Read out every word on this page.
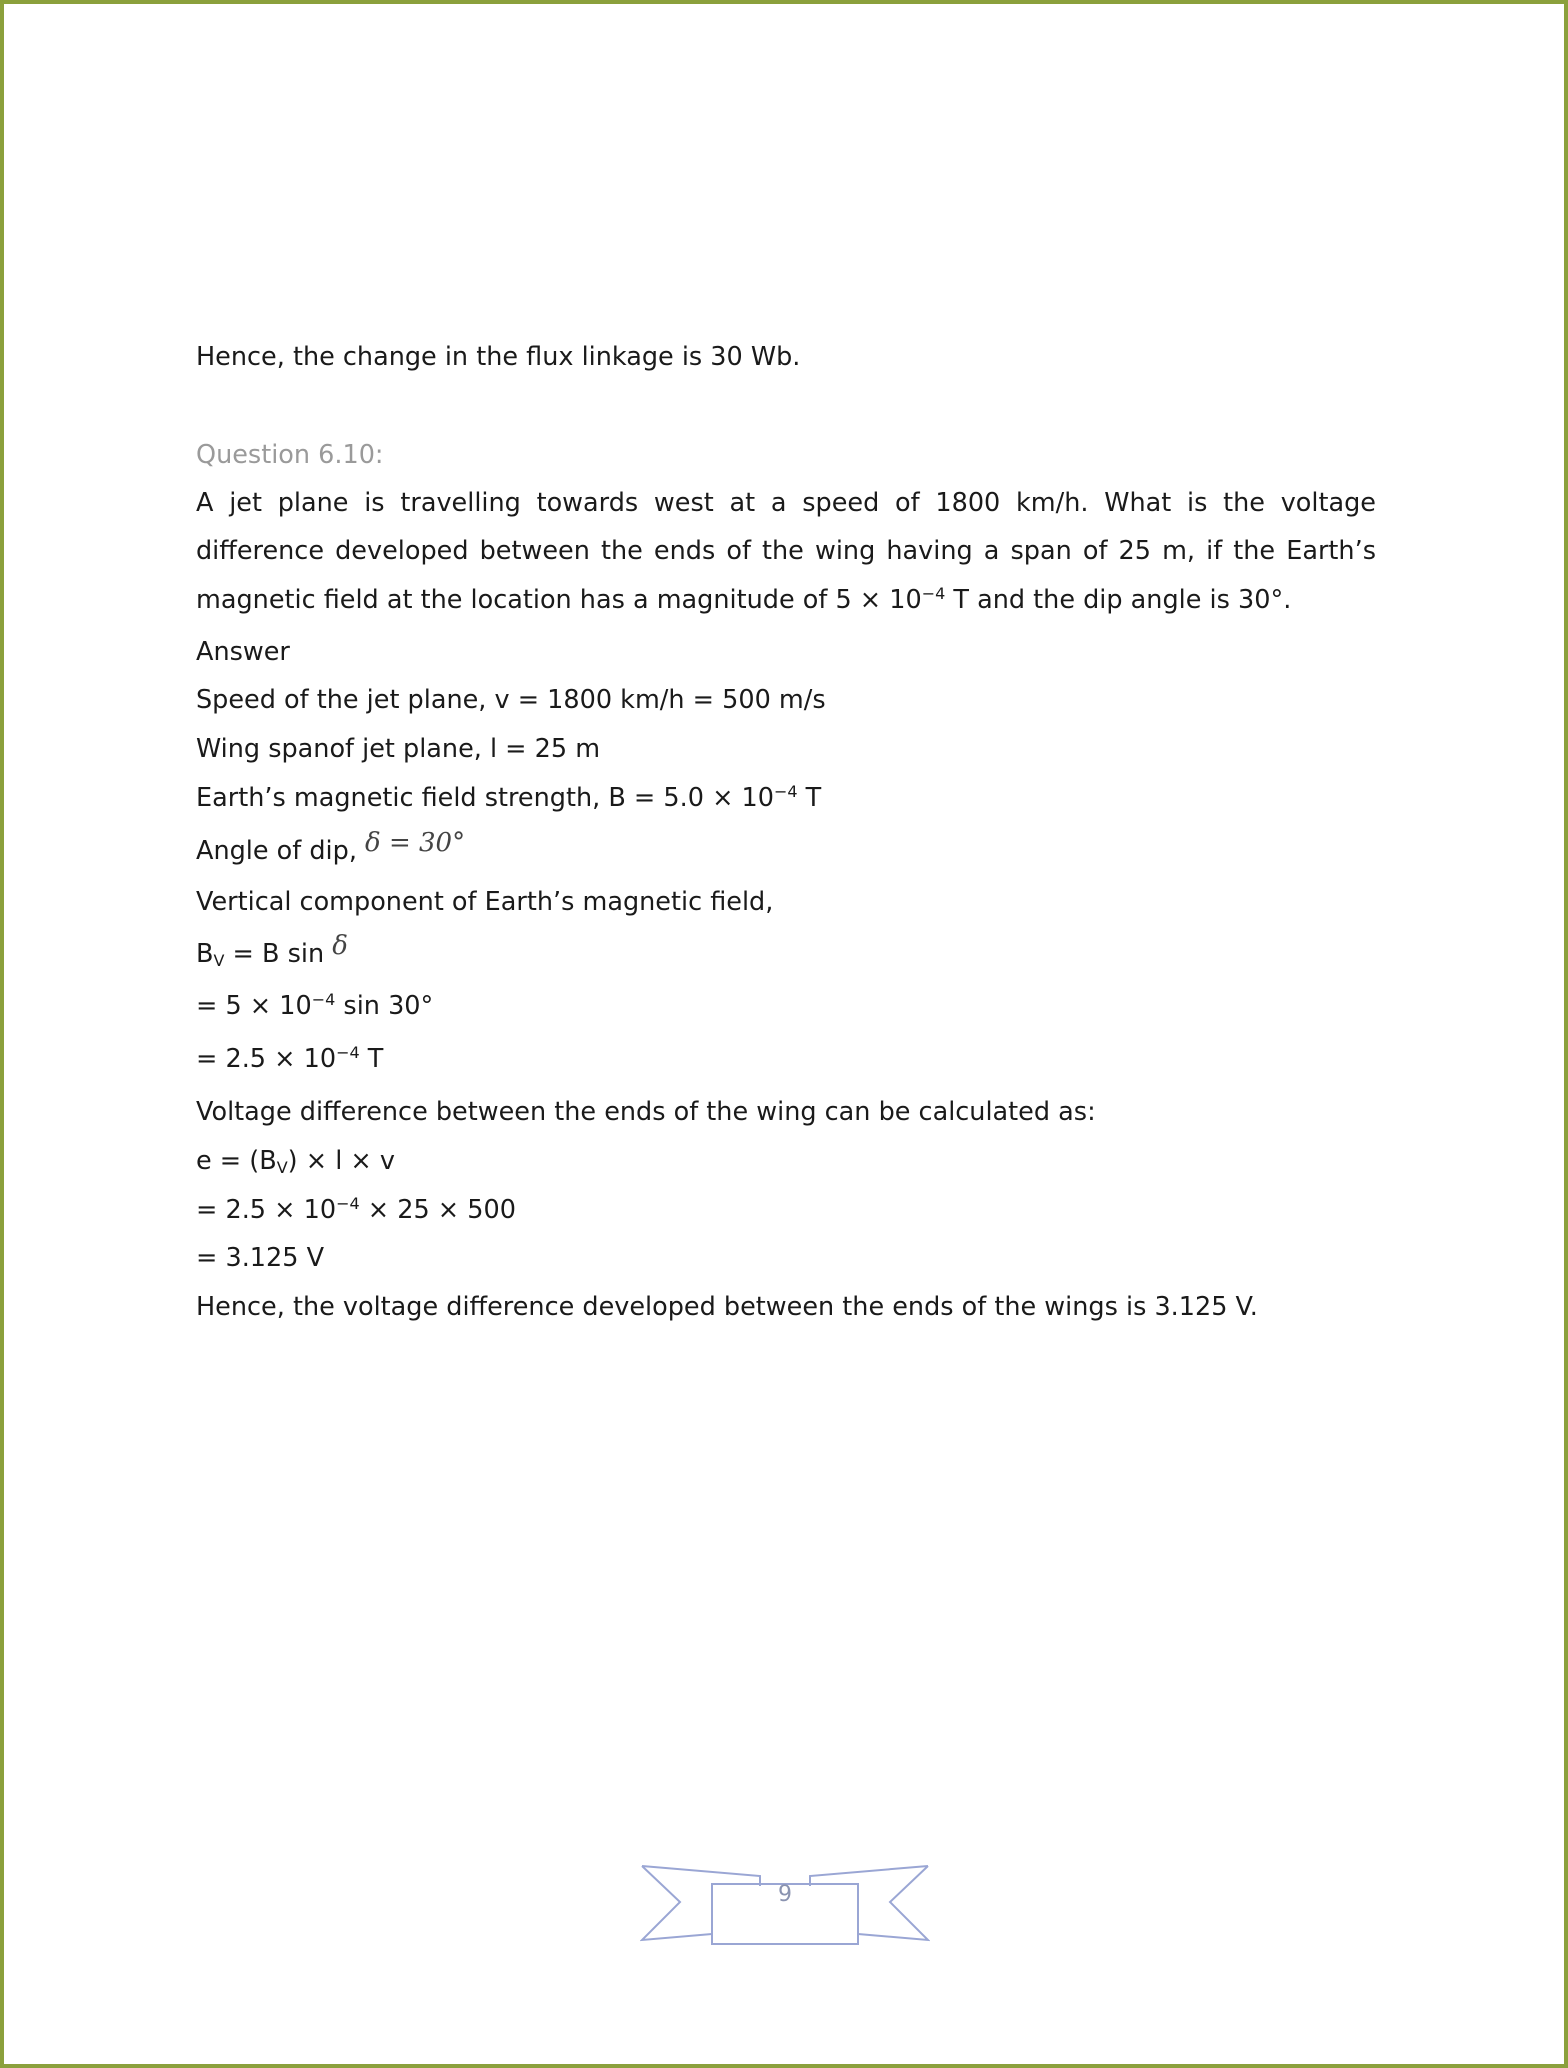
Hence, the change in the flux linkage is 30 Wb.
Question 6.10:
A jet plane is travelling towards west at a speed of 1800 km/h. What is the voltage
difference developed between the ends of the wing having a span of 25 m, if the Earth’s
magnetic field at the location has a magnitude of $5 \times 10^{-4}$ T and the dip angle is 30°.
Answer
Speed of the jet plane, v = 1800 km/h = 500 m/s
Wing spanof jet plane, l = 25 m
Earth’s magnetic field strength, $B = 5.0 \times 10^{-4}$ T
Angle of dip, δ = 30°
Vertical component of Earth’s magnetic field,
$B_V = B$ sin δ
= $5 \times 10^{-4}$ sin 30°
= $2.5 \times 10^{-4}$ T
Voltage difference between the ends of the wing can be calculated as:
$e = (B_V) \times l \times v$
= $2.5 \times 10^{-4} \times 25 \times 500$
= 3.125 V
Hence, the voltage difference developed between the ends of the wings is 3.125 V.
9
